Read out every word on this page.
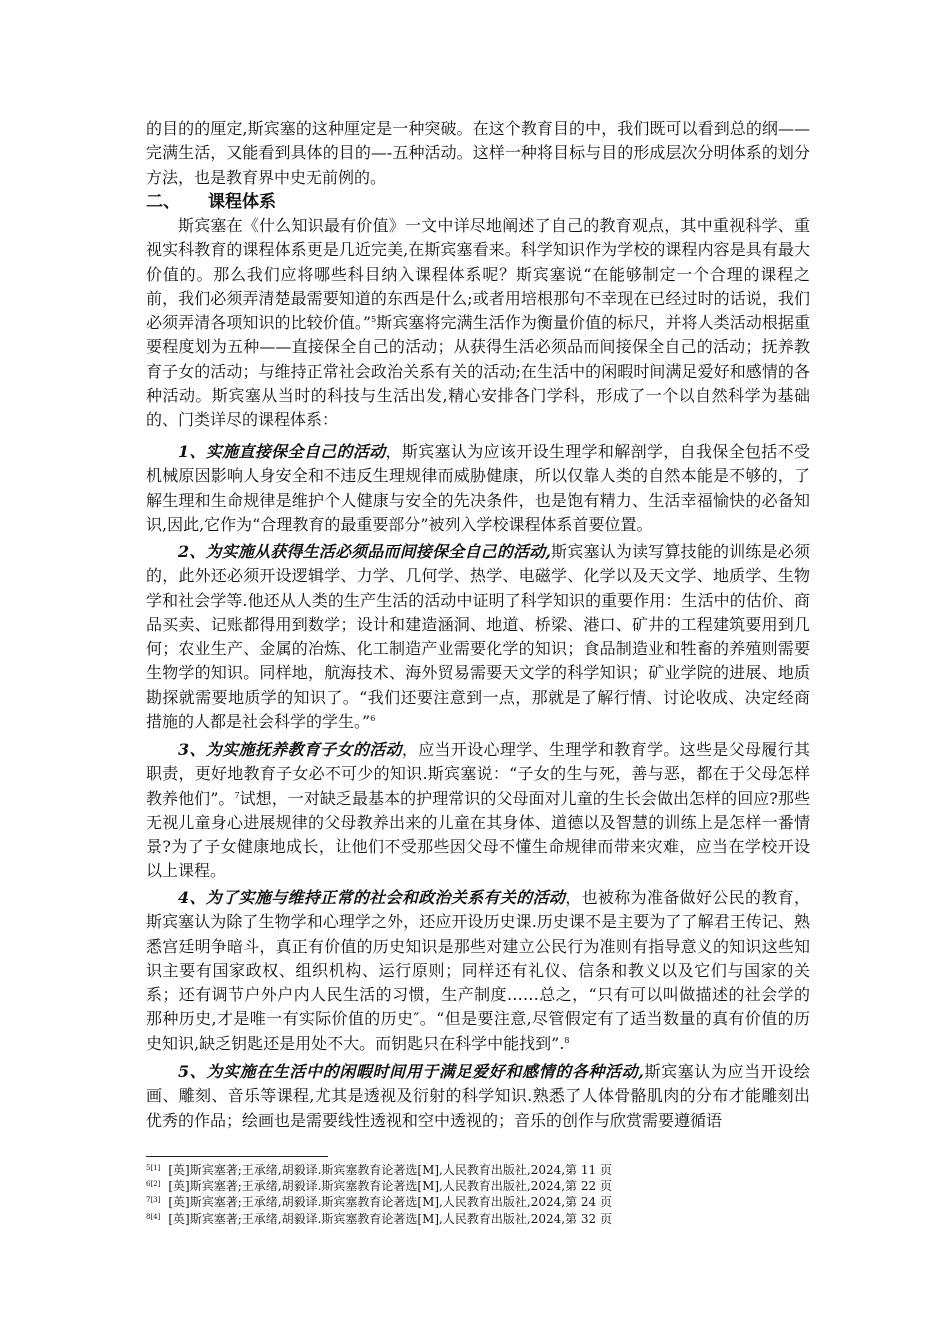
的目的的厘定,斯宾塞的这种厘定是一种突破。在这个教育目的中，我们既可以看到总的纲——完满生活，又能看到具体的目的—-五种活动。这样一种将目标与目的形成层次分明体系的划分方法，也是教育界中史无前例的。

二、 课程体系

斯宾塞在《什么知识最有价值》一文中详尽地阐述了自己的教育观点，其中重视科学、重视实科教育的课程体系更是几近完美,在斯宾塞看来。科学知识作为学校的课程内容是具有最大价值的。那么我们应将哪些科目纳入课程体系呢？斯宾塞说“在能够制定一个合理的课程之前，我们必须弄清楚最需要知道的东西是什么;或者用培根那句不幸现在已经过时的话说，我们必须弄清各项知识的比较价值。”$^5$斯宾塞将完满生活作为衡量价值的标尺，并将人类活动根据重要程度划为五种——直接保全自己的活动；从获得生活必须品而间接保全自己的活动；抚养教育子女的活动；与维持正常社会政治关系有关的活动;在生活中的闲暇时间满足爱好和感情的各种活动。斯宾塞从当时的科技与生活出发,精心安排各门学科，形成了一个以自然科学为基础的、门类详尽的课程体系：

1、实施直接保全自己的活动，斯宾塞认为应该开设生理学和解剖学，自我保全包括不受机械原因影响人身安全和不违反生理规律而威胁健康，所以仅靠人类的自然本能是不够的，了解生理和生命规律是维护个人健康与安全的先决条件，也是饱有精力、生活幸福愉快的必备知识,因此,它作为“合理教育的最重要部分”被列入学校课程体系首要位置。

2、为实施从获得生活必须品而间接保全自己的活动,斯宾塞认为读写算技能的训练是必须的，此外还必须开设逻辑学、力学、几何学、热学、电磁学、化学以及天文学、地质学、生物学和社会学等.他还从人类的生产生活的活动中证明了科学知识的重要作用：生活中的估价、商品买卖、记账都得用到数学；设计和建造涵洞、地道、桥梁、港口、矿井的工程建筑要用到几何；农业生产、金属的冶炼、化工制造产业需要化学的知识；食品制造业和牲畜的养殖则需要生物学的知识。同样地，航海技术、海外贸易需要天文学的科学知识；矿业学院的进展、地质勘探就需要地质学的知识了。“我们还要注意到一点，那就是了解行情、讨论收成、决定经商措施的人都是社会科学的学生。”$^6$

3、为实施抚养教育子女的活动，应当开设心理学、生理学和教育学。这些是父母履行其职责，更好地教育子女必不可少的知识.斯宾塞说：“子女的生与死，善与恶，都在于父母怎样教养他们”。$^7$试想，一对缺乏最基本的护理常识的父母面对儿童的生长会做出怎样的回应?那些无视儿童身心进展规律的父母教养出来的儿童在其身体、道德以及智慧的训练上是怎样一番情景?为了子女健康地成长，让他们不受那些因父母不懂生命规律而带来灾难，应当在学校开设以上课程。

4、为了实施与维持正常的社会和政治关系有关的活动，也被称为准备做好公民的教育，斯宾塞认为除了生物学和心理学之外，还应开设历史课.历史课不是主要为了了解君王传记、熟悉宫廷明争暗斗，真正有价值的历史知识是那些对建立公民行为准则有指导意义的知识这些知识主要有国家政权、组织机构、运行原则；同样还有礼仪、信条和教义以及它们与国家的关系；还有调节户外户内人民生活的习惯，生产制度……总之，“只有可以叫做描述的社会学的那种历史,才是唯一有实际价值的历史″。“但是要注意,尽管假定有了适当数量的真有价值的历史知识,缺乏钥匙还是用处不大。而钥匙只在科学中能找到”.$^8$

5、为实施在生活中的闲暇时间用于满足爱好和感情的各种活动,斯宾塞认为应当开设绘画、雕刻、音乐等课程,尤其是透视及衍射的科学知识.熟悉了人体骨骼肌肉的分布才能雕刻出优秀的作品；绘画也是需要线性透视和空中透视的；音乐的创作与欣赏需要遵循语

$^{5[1]}$ [英]斯宾塞著;王承绪,胡毅译.斯宾塞教育论著选[M],人民教育出版社,2024,第 11 页
$^{6[2]}$ [英]斯宾塞著;王承绪,胡毅译.斯宾塞教育论著选[M],人民教育出版社,2024,第 22 页
$^{7[3]}$ [英]斯宾塞著;王承绪,胡毅译.斯宾塞教育论著选[M],人民教育出版社,2024,第 24 页
$^{8[4]}$ [英]斯宾塞著;王承绪,胡毅译.斯宾塞教育论著选[M],人民教育出版社,2024,第 32 页
